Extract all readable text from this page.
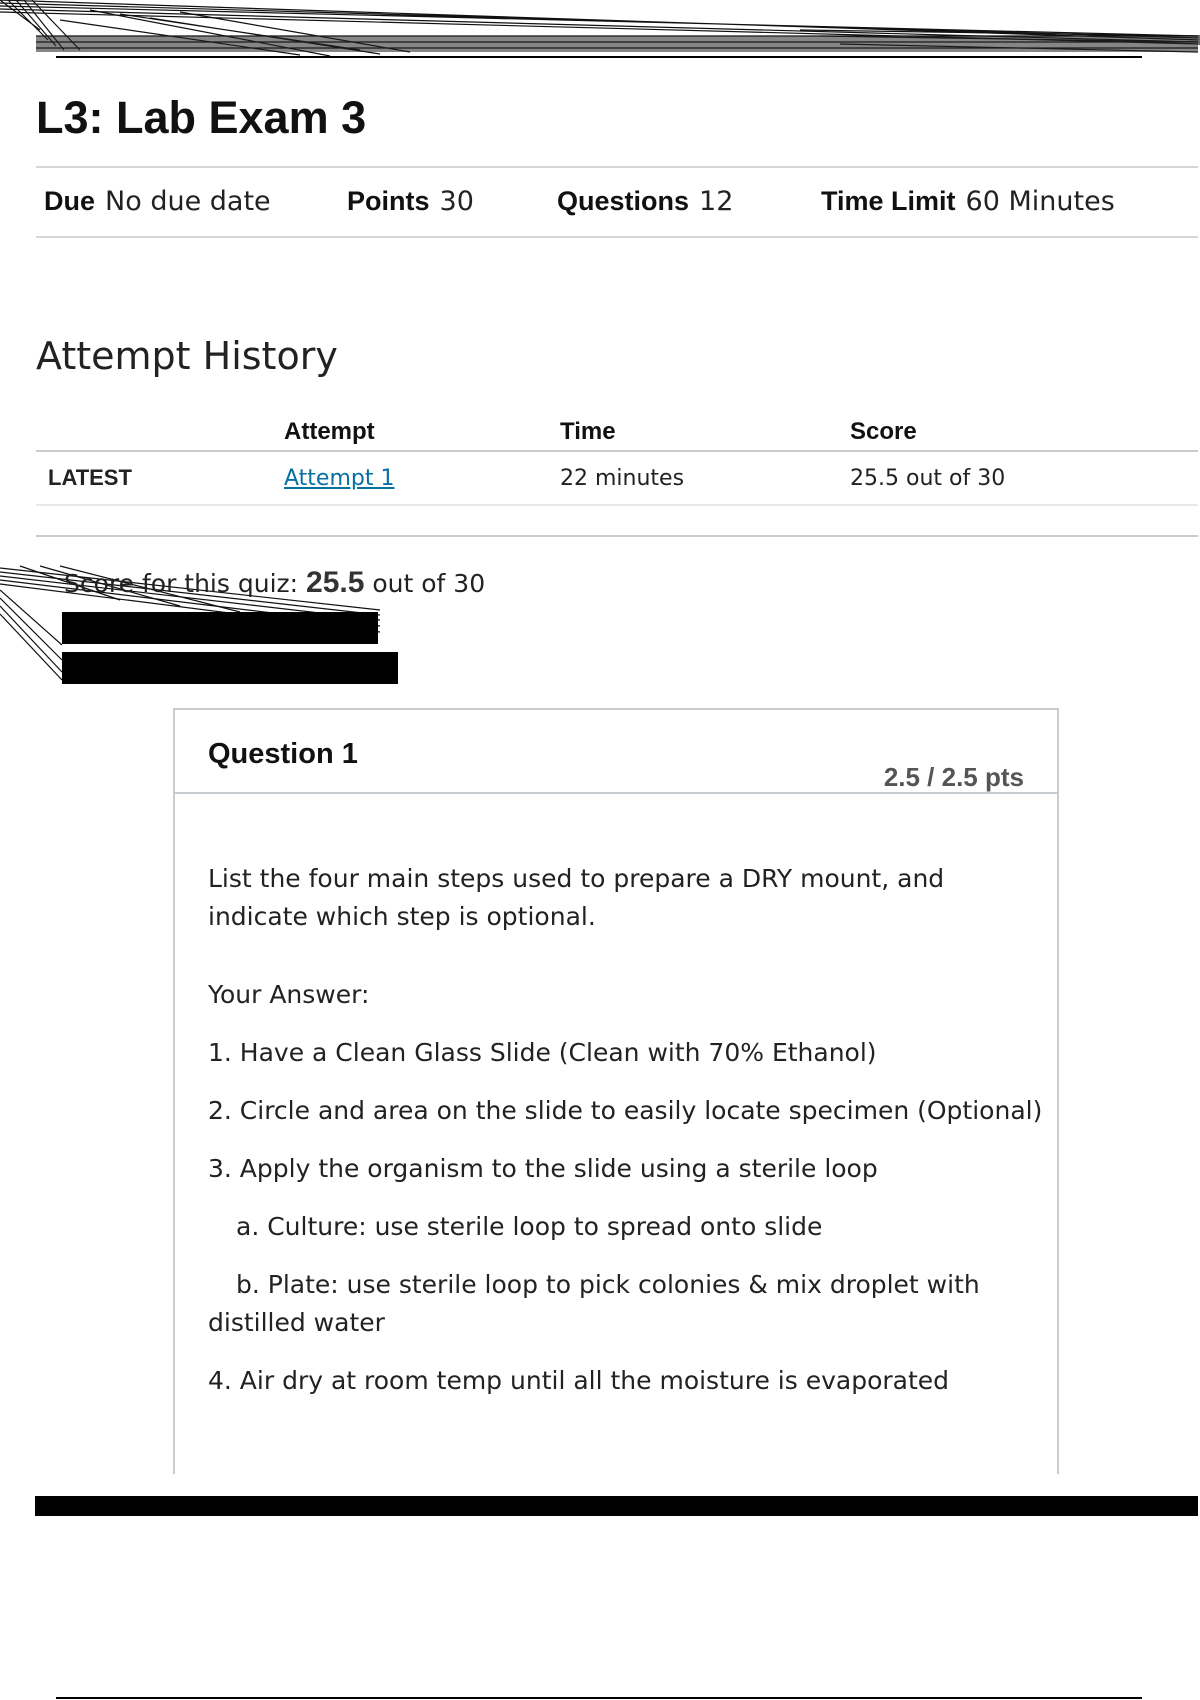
L3: Lab Exam 3
Due No due date	Points 30	Questions 12	Time Limit 60 Minutes
Attempt History
	Attempt	Time	Score
LATEST	Attempt 1	22 minutes	25.5 out of 30
Score for this quiz: 25.5 out of 30
Question 1
2.5 / 2.5 pts

List the four main steps used to prepare a DRY mount, and indicate which step is optional.

Your Answer:

1. Have a Clean Glass Slide (Clean with 70% Ethanol)

2. Circle and area on the slide to easily locate specimen (Optional)

3. Apply the organism to the slide using a sterile loop

a. Culture: use sterile loop to spread onto slide

b. Plate: use sterile loop to pick colonies & mix droplet with distilled water

4. Air dry at room temp until all the moisture is evaporated
